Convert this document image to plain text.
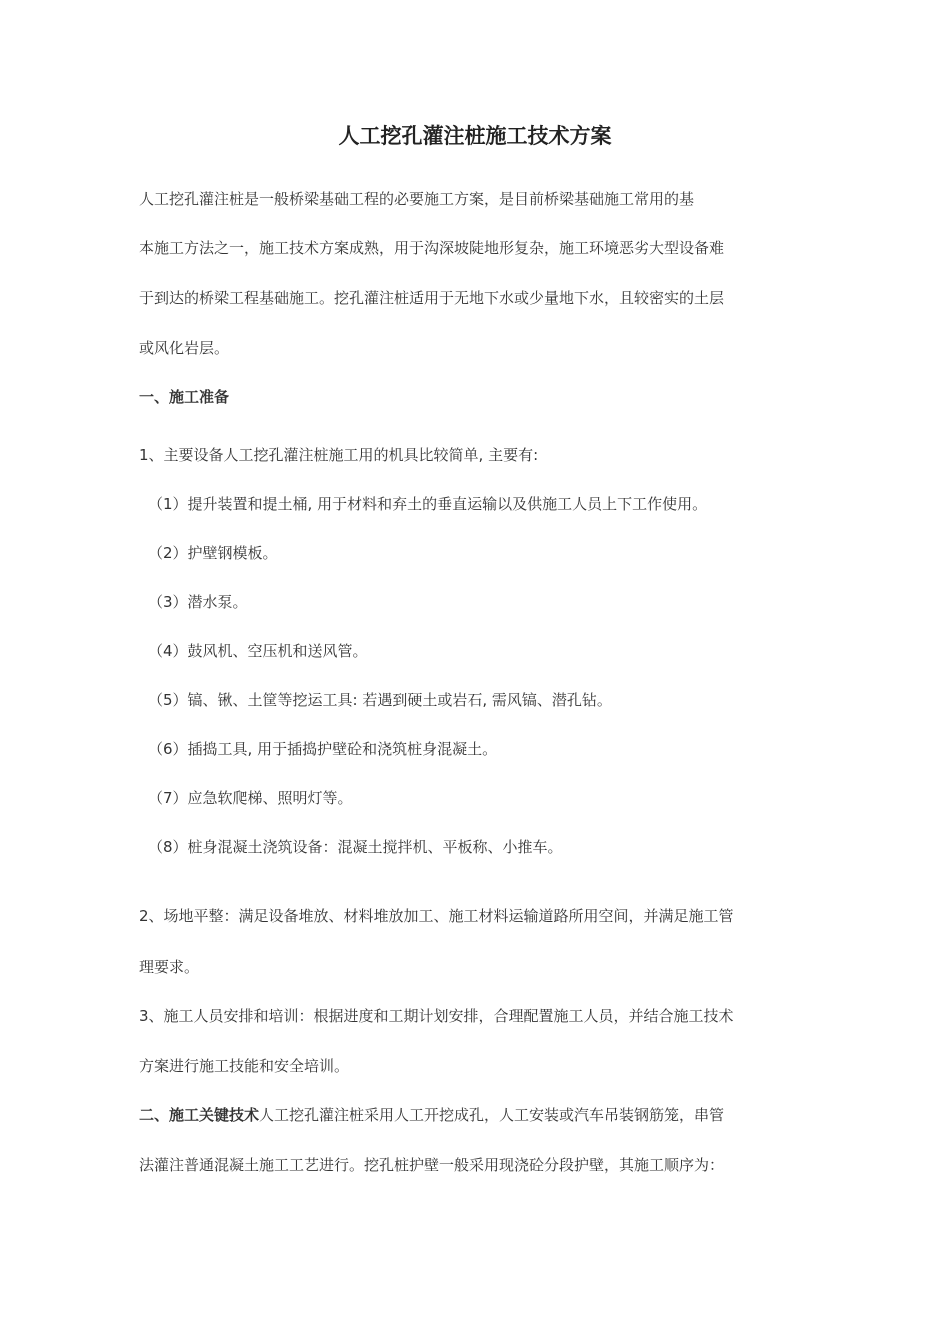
人工挖孔灌注桩施工技术方案
人工挖孔灌注桩是一般桥梁基础工程的必要施工方案，是目前桥梁基础施工常用的基
本施工方法之一，施工技术方案成熟，用于沟深坡陡地形复杂，施工环境恶劣大型设备难
于到达的桥梁工程基础施工。挖孔灌注桩适用于无地下水或少量地下水，且较密实的土层
或风化岩层。
一、施工准备
1、主要设备人工挖孔灌注桩施工用的机具比较简单, 主要有:
（1）提升装置和提土桶, 用于材料和弃土的垂直运输以及供施工人员上下工作使用。
（2）护壁钢模板。
（3）潜水泵。
（4）鼓风机、空压机和送风管。
（5）镐、锹、土筐等挖运工具: 若遇到硬土或岩石, 需风镐、潜孔钻。
（6）插捣工具, 用于插捣护壁砼和浇筑桩身混凝土。
（7）应急软爬梯、照明灯等。
（8）桩身混凝土浇筑设备：混凝土搅拌机、平板称、小推车。
2、场地平整：满足设备堆放、材料堆放加工、施工材料运输道路所用空间，并满足施工管
理要求。
3、施工人员安排和培训：根据进度和工期计划安排，合理配置施工人员，并结合施工技术
方案进行施工技能和安全培训。
二、施工关键技术人工挖孔灌注桩采用人工开挖成孔，人工安装或汽车吊装钢筋笼，串管
法灌注普通混凝土施工工艺进行。挖孔桩护壁一般采用现浇砼分段护壁，其施工顺序为：
